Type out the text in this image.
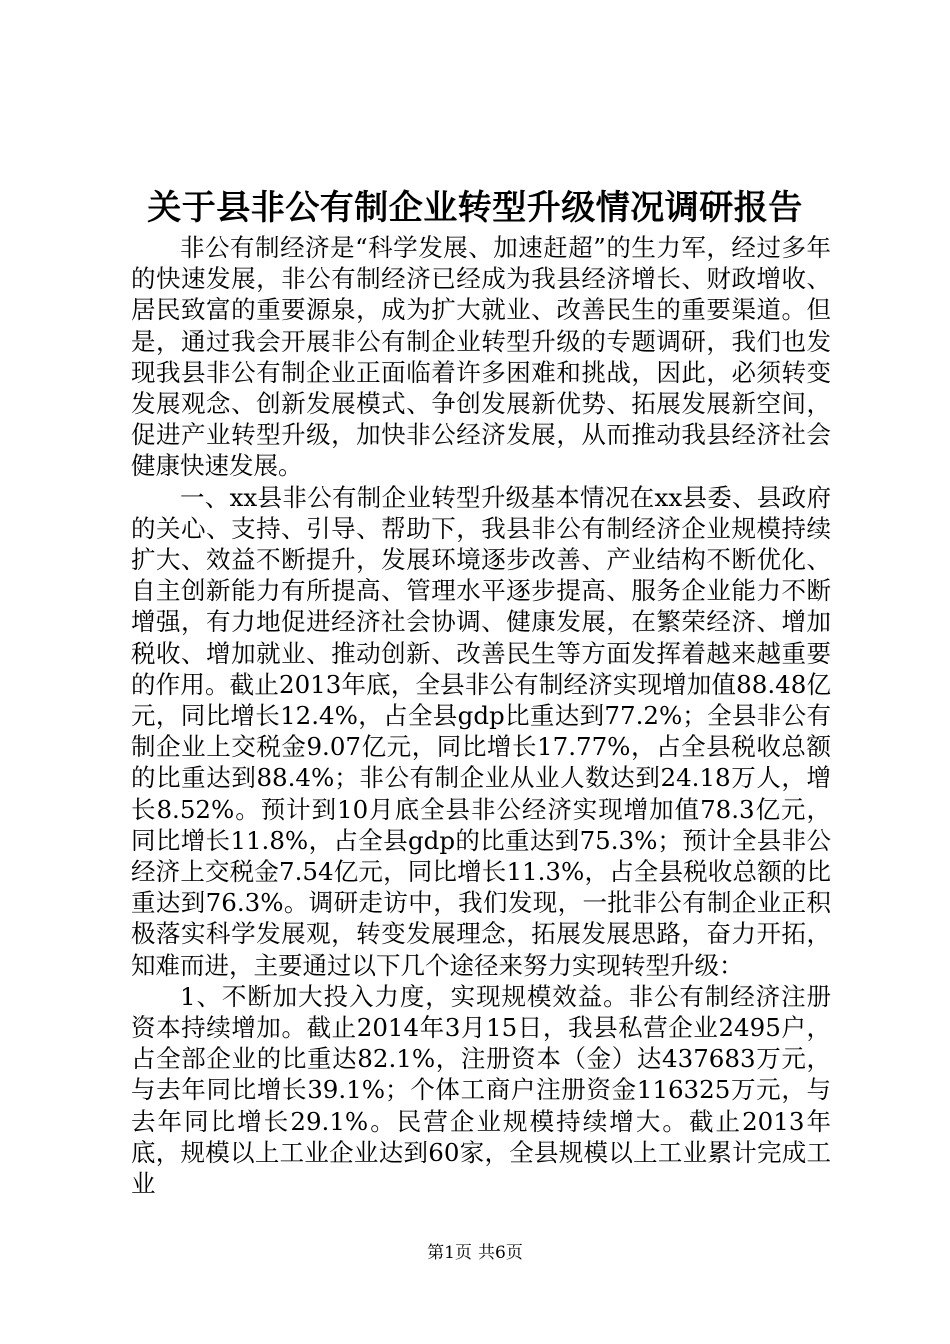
关于县非公有制企业转型升级情况调研报告

非公有制经济是“科学发展、加速赶超”的生力军，经过多年的快速发展，非公有制经济已经成为我县经济增长、财政增收、居民致富的重要源泉，成为扩大就业、改善民生的重要渠道。但是，通过我会开展非公有制企业转型升级的专题调研，我们也发现我县非公有制企业正面临着许多困难和挑战，因此，必须转变发展观念、创新发展模式、争创发展新优势、拓展发展新空间，促进产业转型升级，加快非公经济发展，从而推动我县经济社会健康快速发展。

一、xx县非公有制企业转型升级基本情况在xx县委、县政府的关心、支持、引导、帮助下，我县非公有制经济企业规模持续扩大、效益不断提升，发展环境逐步改善、产业结构不断优化、自主创新能力有所提高、管理水平逐步提高、服务企业能力不断增强，有力地促进经济社会协调、健康发展，在繁荣经济、增加税收、增加就业、推动创新、改善民生等方面发挥着越来越重要的作用。截止2013年底，全县非公有制经济实现增加值88.48亿元，同比增长12.4%，占全县gdp比重达到77.2%；全县非公有制企业上交税金9.07亿元，同比增长17.77%，占全县税收总额的比重达到88.4%；非公有制企业从业人数达到24.18万人，增长8.52%。预计到10月底全县非公经济实现增加值78.3亿元，同比增长11.8%，占全县gdp的比重达到75.3%；预计全县非公经济上交税金7.54亿元，同比增长11.3%，占全县税收总额的比重达到76.3%。调研走访中，我们发现，一批非公有制企业正积极落实科学发展观，转变发展理念，拓展发展思路，奋力开拓，知难而进，主要通过以下几个途径来努力实现转型升级：

1、不断加大投入力度，实现规模效益。非公有制经济注册资本持续增加。截止2014年3月15日，我县私营企业2495户，占全部企业的比重达82.1%，注册资本（金）达437683万元，与去年同比增长39.1%；个体工商户注册资金116325万元，与去年同比增长29.1%。民营企业规模持续增大。截止2013年底，规模以上工业企业达到60家，全县规模以上工业累计完成工业

第1页 共6页
